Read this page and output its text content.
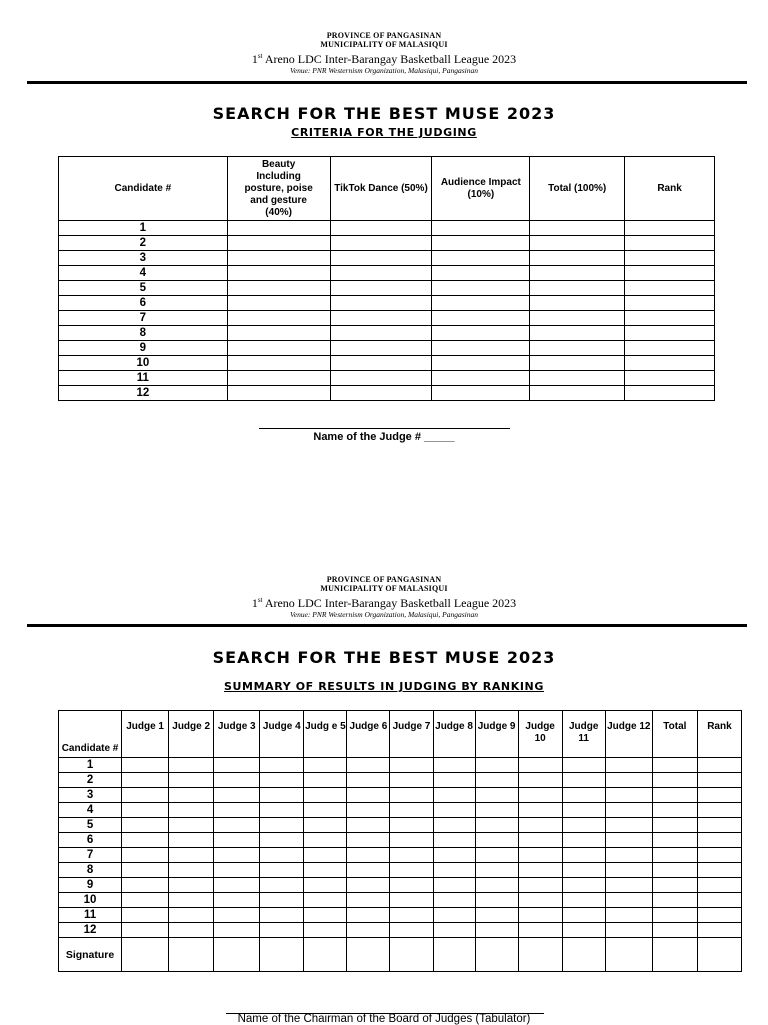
PROVINCE OF PANGASINAN
MUNICIPALITY OF MALASIQUI
1st Areno LDC Inter-Barangay Basketball League 2023
Venue: PNR Westernism Organization, Malasiqui, Pangasinan
SEARCH FOR THE BEST MUSE 2023
CRITERIA FOR THE JUDGING
Candidate #	Beauty Including posture, poise and gesture (40%)	TikTok Dance (50%)	Audience Impact (10%)	Total (100%)	Rank
1					
2					
3					
4					
5					
6					
7					
8					
9					
10					
11					
12					
Name of the Judge # _____
PROVINCE OF PANGASINAN
MUNICIPALITY OF MALASIQUI
1st Areno LDC Inter-Barangay Basketball League 2023
Venue: PNR Westernism Organization, Malasiqui, Pangasinan
SEARCH FOR THE BEST MUSE 2023
SUMMARY OF RESULTS IN JUDGING BY RANKING
Candidate #	Judge 1	Judge 2	Judge 3	Judge 4	Judg e 5	Judge 6	Judge 7	Judge 8	Judge 9	Judge 10	Judge 11	Judge 12	Total	Rank
1														
2														
3														
4														
5														
6														
7														
8														
9														
10														
11														
12														
Signature														
Name of the Chairman of the Board of Judges (Tabulator)
